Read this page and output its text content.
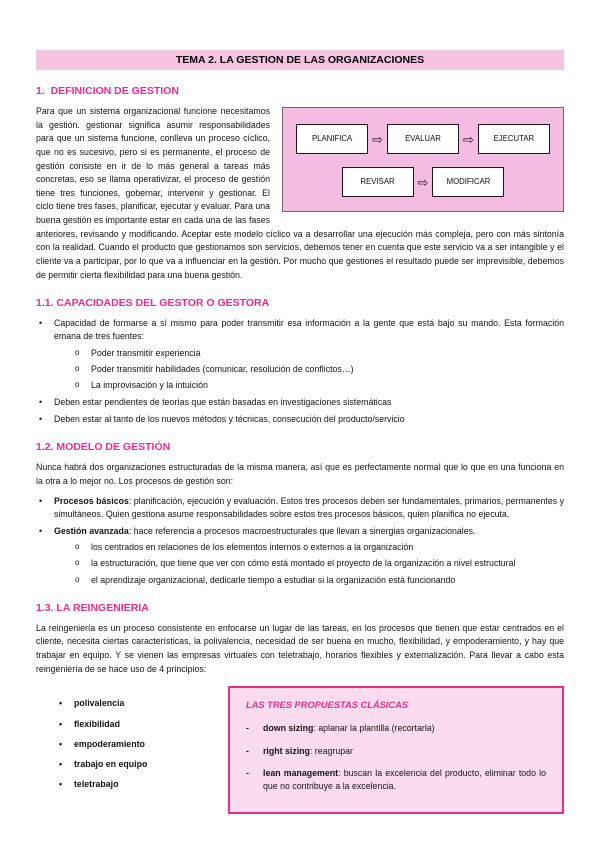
TEMA 2. LA GESTION DE LAS ORGANIZACIONES
1.  DEFINICION DE GESTION
PLANIFICA	⇨	EVALUAR	⇨	EJECUTAR
REVISAR	⇨	MODIFICAR
Para que un sistema organizacional funcione necesitamos la gestión. gestionar significa asumir responsabilidades para que un sistema funcione, conlleva un proceso cíclico, que no es sucesivo, pero si es permanente, el proceso de gestión consiste en ir de lo más general a tareas más concretas, eso se llama operativizar, el proceso de gestión tiene tres funciones, gobernar, intervenir y gestionar. El ciclo tiene tres fases, planificar, ejecutar y evaluar. Para una buena gestión es importante estar en cada una de las fases anteriores, revisando y modificando. Aceptar este modelo cíclico va a desarrollar una ejecución más compleja, pero con más sintonía con la realidad. Cuando el producto que gestionamos son servicios, debemos tener en cuenta que este servicio va a ser intangible y el cliente va a participar, por lo que va a influenciar en la gestión. Por mucho que gestiones el resultado puede ser imprevisible, debemos de permitir cierta flexibilidad para una buena gestión.
1.1. CAPACIDADES DEL GESTOR O GESTORA
• Capacidad de formarse a sí mismo para poder transmitir esa información a la gente que está bajo su mando. Esta formación emana de tres fuentes:
o Poder transmitir experiencia
o Poder transmitir habilidades (comunicar, resolución de conflictos…)
o La improvisación y la intuición
• Deben estar pendientes de teorías que están basadas en investigaciones sistemáticas
• Deben estar al tanto de los nuevos métodos y técnicas, consecución del producto/servicio
1.2. MODELO DE GESTIÓN
Nunca habrá dos organizaciones estructuradas de la misma manera, así que es perfectamente normal que lo que en una funciona en la otra a lo mejor no. Los procesos de gestión son:
• Procesos básicos: planificación, ejecución y evaluación. Estos tres procesos deben ser fundamentales, primarios, permanentes y simultáneos. Quien gestiona asume responsabilidades sobre estos tres procesos básicos, quien planifica no ejecuta.
• Gestión avanzada: hace referencia a procesos macroestructurales que llevan a sinergias organizacionales.
o los centrados en relaciones de los elementos internos o externos a la organización
o la estructuración, que tiene que ver con cómo está montado el proyecto de la organización a nivel estructural
o el aprendizaje organizacional, dedicarle tiempo a estudiar si la organización está funcionando
1.3. LA REINGENIERIA
La reingeniería es un proceso consistente en enfocarse un lugar de las tareas, en los procesos que tienen que estar centrados en el cliente, necesita ciertas características, la polivalencia, necesidad de ser buena en mucho, flexibilidad, y empoderamiento, y hay que trabajar en equipo. Y se vienen las empresas virtuales con teletrabajo, horarios flexibles y externalización. Para llevar a cabo esta reingeniería de se hace uso de 4 principios:
• polivalencia
• flexibilidad
• empoderamiento
• trabajo en equipo
• teletrabajo
LAS TRES PROPUESTAS CLÁSICAS
-	down sizing: aplanar la plantilla (recortarla)
-	right sizing: reagrupar
-	lean management: buscan la excelencia del producto, eliminar todo lo que no contribuye a la excelencia.
